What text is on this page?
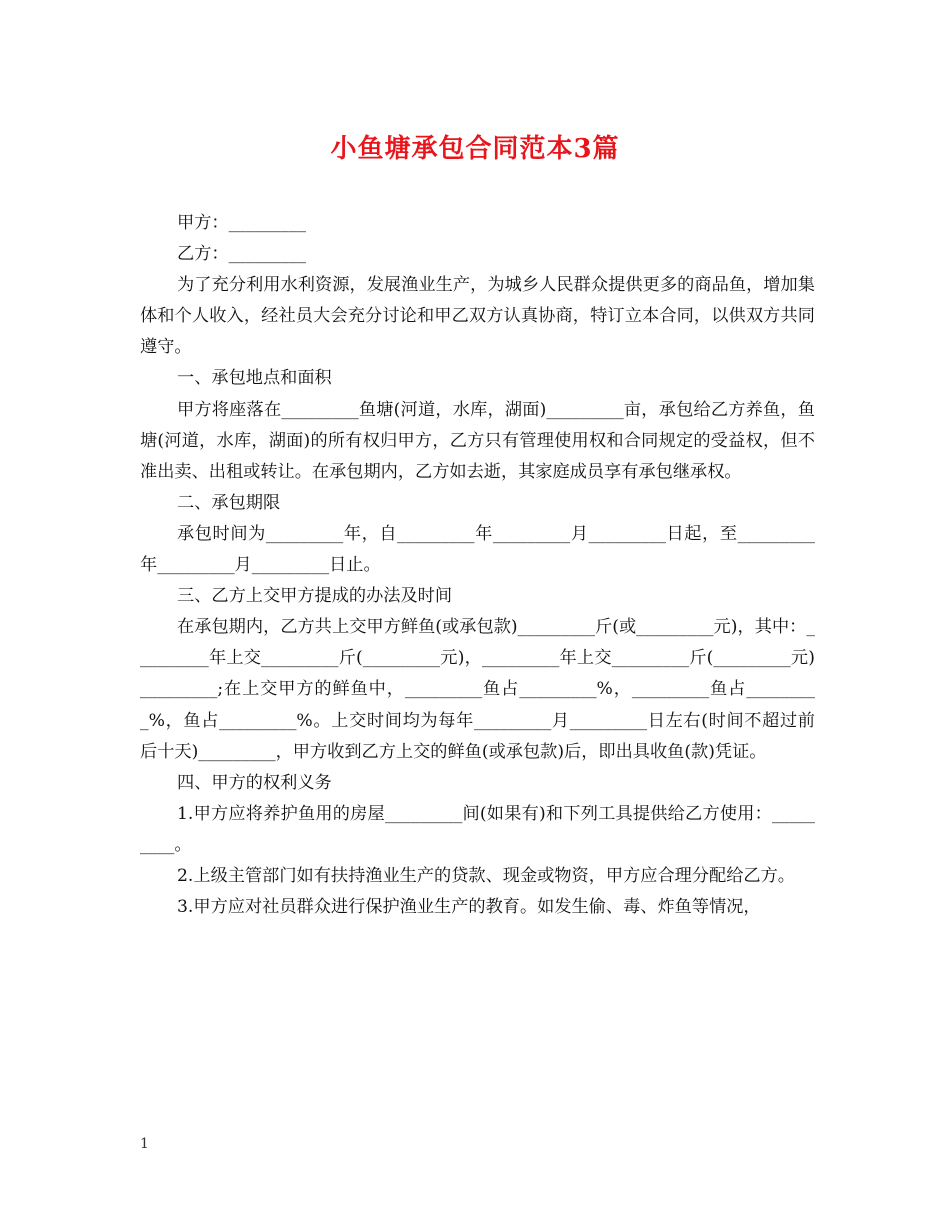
小鱼塘承包合同范本3篇

甲方：_________

乙方：_________

为了充分利用水利资源，发展渔业生产，为城乡人民群众提供更多的商品鱼，增加集体和个人收入，经社员大会充分讨论和甲乙双方认真协商，特订立本合同，以供双方共同遵守。

一、承包地点和面积

甲方将座落在_________鱼塘(河道，水库，湖面)_________亩，承包给乙方养鱼，鱼塘(河道，水库，湖面)的所有权归甲方，乙方只有管理使用权和合同规定的受益权，但不准出卖、出租或转让。在承包期内，乙方如去逝，其家庭成员享有承包继承权。

二、承包期限

承包时间为_________年，自_________年_________月_________日起，至_________年_________月_________日止。

三、乙方上交甲方提成的办法及时间

在承包期内，乙方共上交甲方鲜鱼(或承包款)_________斤(或_________元)，其中：_________年上交_________斤(_________元)，_________年上交_________斤(_________元)_________;在上交甲方的鲜鱼中，_________鱼占_________%，_________鱼占_________%，鱼占_________%。上交时间均为每年_________月_________日左右(时间不超过前后十天)_________，甲方收到乙方上交的鲜鱼(或承包款)后，即出具收鱼(款)凭证。

四、甲方的权利义务

1.甲方应将养护鱼用的房屋_________间(如果有)和下列工具提供给乙方使用：_________。

2.上级主管部门如有扶持渔业生产的贷款、现金或物资，甲方应合理分配给乙方。

3.甲方应对社员群众进行保护渔业生产的教育。如发生偷、毒、炸鱼等情况，

1
